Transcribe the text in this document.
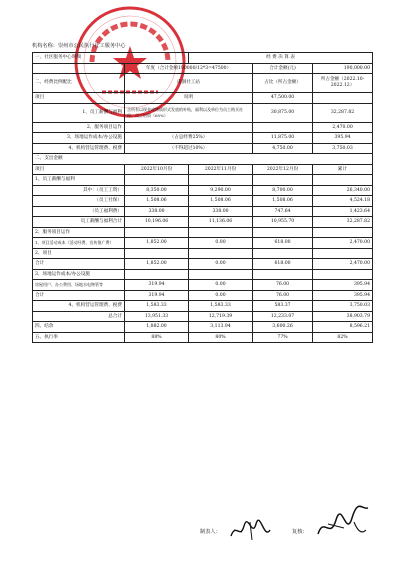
机构名称：崇州市公民执行社工服务中心
一、社区服务中心明细		经 费 决 算 表		
	年度（合计金额190000/12*3=47500）		合计金额(元)	190,000.00
二、经费比例配比	南涧社工站		占比（所占金额）	所占金额（2022.10-2022.12）
项目	说明		47,500.00	
1、员工薪酬与福利	含所有以现金或物质形式发放的补贴，福利以及单位为员工购买社保、员工培训（65%）		30,875.00	32,287.82
2、服务项目运作				2,470.00
3、场地运作成本/办公设施	（占总经费25%）		11,875.00	395.94
4、机构营运管理费、税费	（不得超过10%）		4,750.00	3,750.03
二、支出金额				
项目	2022年10月份	2022年11月份	2022年12月份	累计
1、员工薪酬与福利				
其中：（员工工资）	8,350.00	9,290.00	8,700.00	26,340.00
（员工社保）	1,508.06	1,508.06	1,508.06	4,524.18
（员工福利费）	338.00	338.00	747.64	1,423.64
员工薪酬与福利合计	10,196.06	11,136.06	10,955.70	32,287.82
2、服务项目运作				
1、项目活动成本（活动经费、宣传推广费）	1,852.00	0.00	618.00	2,470.00
2、项目				
合计	1,852.00	0.00	618.00	2,470.00
3、场地运作成本/办公设施				
房屋用户、办公费用、场地水电物管等	319.94	0.00	76.00	395.94
合计	319.94	0.00	76.00	395.94
4、机构营运管理费、税费	1,583.33	1,583.33	583.37	3,750.03
总合计	13,951.33	12,719.39	12,233.07	38,903.79
四、结余	1,882.00	3,113.94	3,600.26	8,596.21
五、执行率	88%	80%	77%	82%
制表人：	复核：
